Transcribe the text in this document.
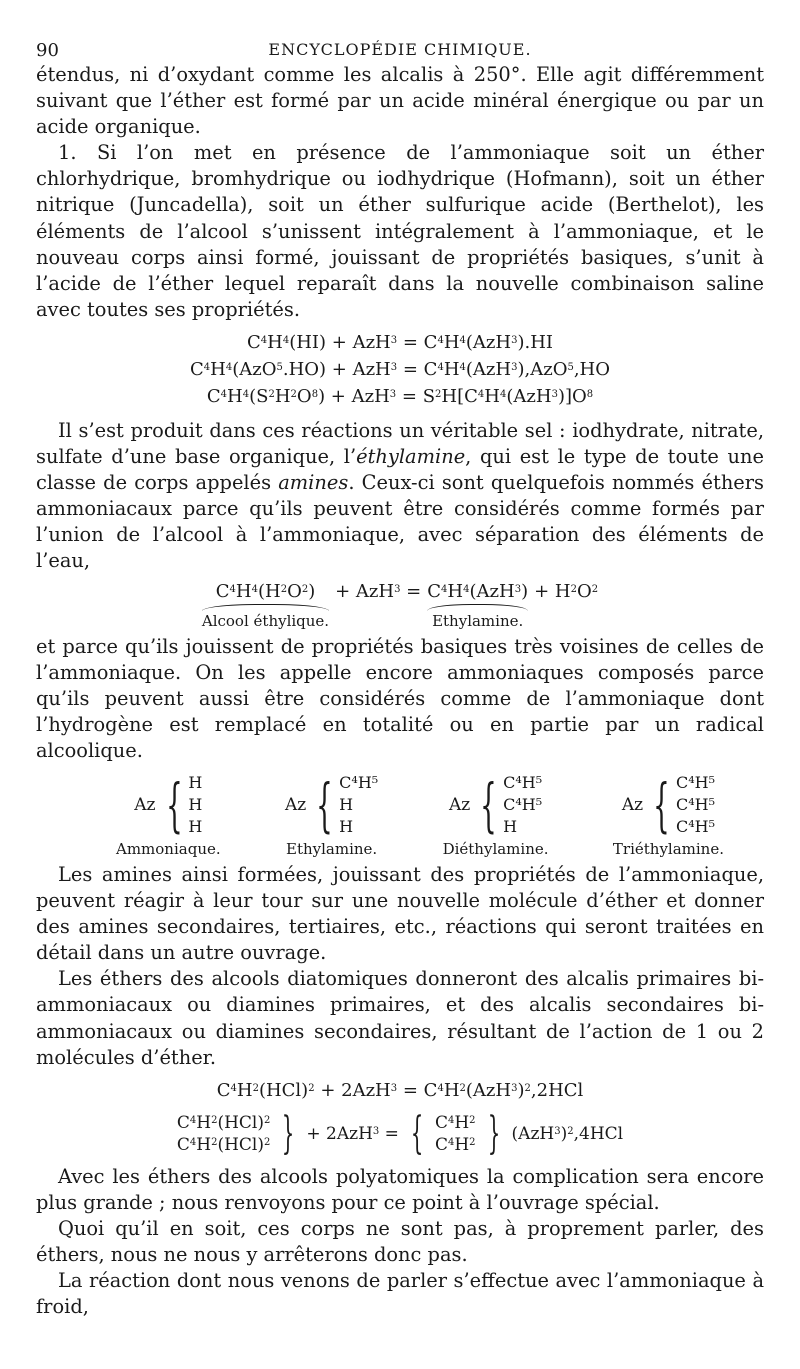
90	ENCYCLOPÉDIE CHIMIQUE.

étendus, ni d’oxydant comme les alcalis à 250°. Elle agit différemment suivant que l’éther est formé par un acide minéral énergique ou par un acide organique.

1. Si l’on met en présence de l’ammoniaque soit un éther chlorhydrique, bromhydrique ou iodhydrique (Hofmann), soit un éther nitrique (Juncadella), soit un éther sulfurique acide (Berthelot), les éléments de l’alcool s’unissent intégralement à l’ammoniaque, et le nouveau corps ainsi formé, jouissant de propriétés basiques, s’unit à l’acide de l’éther lequel reparaît dans la nouvelle combinaison saline avec toutes ses propriétés.

$C^4H^4(HI) + AzH^3 = C^4H^4(AzH^3).HI$
$C^4H^4(AzO^5.HO) + AzH^3 = C^4H^4(AzH^3),AzO^5,HO$
$C^4H^4(S^2H^2O^8) + AzH^3 = S^2H[C^4H^4(AzH^3)]O^8$

Il s’est produit dans ces réactions un véritable sel : iodhydrate, nitrate, sulfate d’une base organique, l’éthylamine, qui est le type de toute une classe de corps appelés amines. Ceux-ci sont quelquefois nommés éthers ammoniacaux parce qu’ils peuvent être considérés comme formés par l’union de l’alcool à l’ammoniaque, avec séparation des éléments de l’eau,

$C^4H^4(H^2O^2)$
Alcool éthylique.
+ $AzH^3 = C^4H^4(AzH^3)$
Ethylamine.
+ $H^2O^2$

et parce qu’ils jouissent de propriétés basiques très voisines de celles de l’ammoniaque. On les appelle encore ammoniaques composés parce qu’ils peuvent aussi être considérés comme de l’ammoniaque dont l’hydrogène est remplacé en totalité ou en partie par un radical alcoolique.

Az { H
H
H
Ammoniaque.
Az { C⁴H⁵
H
H
Ethylamine.
Az { C⁴H⁵
C⁴H⁵
H
Diéthylamine.
Az { C⁴H⁵
C⁴H⁵
C⁴H⁵
Triéthylamine.

Les amines ainsi formées, jouissant des propriétés de l’ammoniaque, peuvent réagir à leur tour sur une nouvelle molécule d’éther et donner des amines secondaires, tertiaires, etc., réactions qui seront traitées en détail dans un autre ouvrage.

Les éthers des alcools diatomiques donneront des alcalis primaires bi-ammoniacaux ou diamines primaires, et des alcalis secondaires bi-ammoniacaux ou diamines secondaires, résultant de l’action de 1 ou 2 molécules d’éther.

$C^4H^2(HCl)^2 + 2AzH^3 = C^4H^2(AzH^3)^2,2HCl$
$C^4H^2(HCl)^2$
$C^4H^2(HCl)^2$ } + 2AzH$^3$ = { $C^4H^2$
$C^4H^2$ } $(AzH^3)^2,4HCl$

Avec les éthers des alcools polyatomiques la complication sera encore plus grande ; nous renvoyons pour ce point à l’ouvrage spécial.

Quoi qu’il en soit, ces corps ne sont pas, à proprement parler, des éthers, nous ne nous y arrêterons donc pas.

La réaction dont nous venons de parler s’effectue avec l’ammoniaque à froid,
